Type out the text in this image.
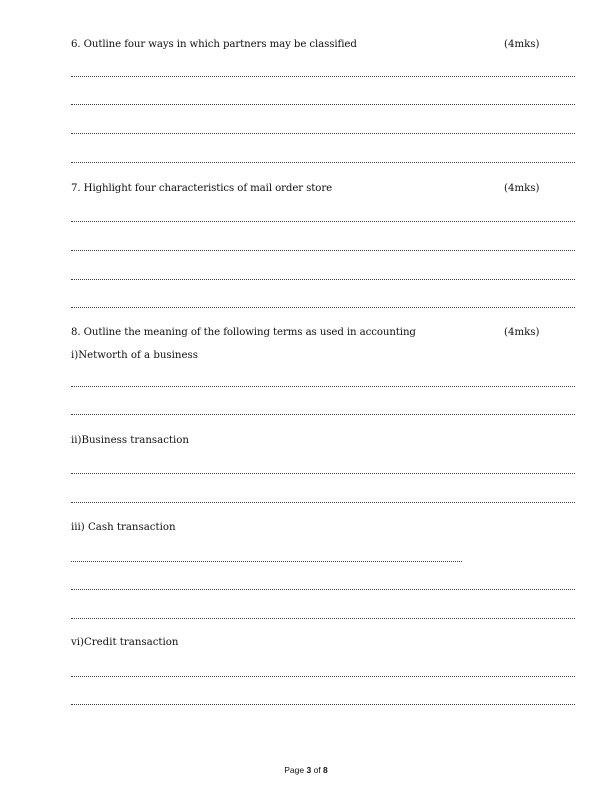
6. Outline four ways in which partners may be classified	(4mks)
7. Highlight four characteristics of mail order store	(4mks)
8. Outline the meaning of the following terms as used in accounting	(4mks)
i)Networth of a business
ii)Business transaction
iii) Cash transaction
vi)Credit transaction
Page 3 of 8
